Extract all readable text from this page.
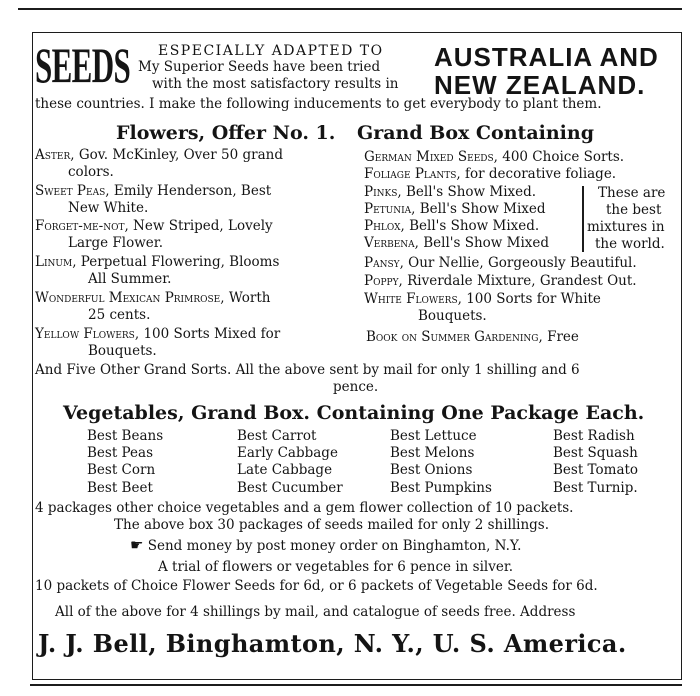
SEEDS ESPECIALLY ADAPTED TO
My Superior Seeds have been tried
with the most satisfactory results in
AUSTRALIA AND
NEW ZEALAND.
these countries. I make the following inducements to get everybody to plant them.
Flowers, Offer No. 1. Grand Box Containing
Aster, Gov. McKinley, Over 50 grand
colors.
Sweet Peas, Emily Henderson, Best
New White.
Forget-me-not, New Striped, Lovely
Large Flower.
Linum, Perpetual Flowering, Blooms
All Summer.
Wonderful Mexican Primrose, Worth
25 cents.
Yellow Flowers, 100 Sorts Mixed for
Bouquets.
German Mixed Seeds, 400 Choice Sorts.
Foliage Plants, for decorative foliage.
Pinks, Bell's Show Mixed.
Petunia, Bell's Show Mixed
Phlox, Bell's Show Mixed.
Verbena, Bell's Show Mixed
Pansy, Our Nellie, Gorgeously Beautiful.
Poppy, Riverdale Mixture, Grandest Out.
White Flowers, 100 Sorts for White
Bouquets.
Book on Summer Gardening, Free
These are
the best
mixtures in
the world.
And Five Other Grand Sorts. All the above sent by mail for only 1 shilling and 6
pence.
Vegetables, Grand Box. Containing One Package Each.
Best Beans
Best Peas
Best Corn
Best Beet
Best Carrot
Early Cabbage
Late Cabbage
Best Cucumber
Best Lettuce
Best Melons
Best Onions
Best Pumpkins
Best Radish
Best Squash
Best Tomato
Best Turnip.
4 packages other choice vegetables and a gem flower collection of 10 packets.
The above box 30 packages of seeds mailed for only 2 shillings.
☛ Send money by post money order on Binghamton, N.Y.
A trial of flowers or vegetables for 6 pence in silver.
10 packets of Choice Flower Seeds for 6d, or 6 packets of Vegetable Seeds for 6d.
All of the above for 4 shillings by mail, and catalogue of seeds free. Address
J. J. Bell, Binghamton, N. Y., U. S. America.
